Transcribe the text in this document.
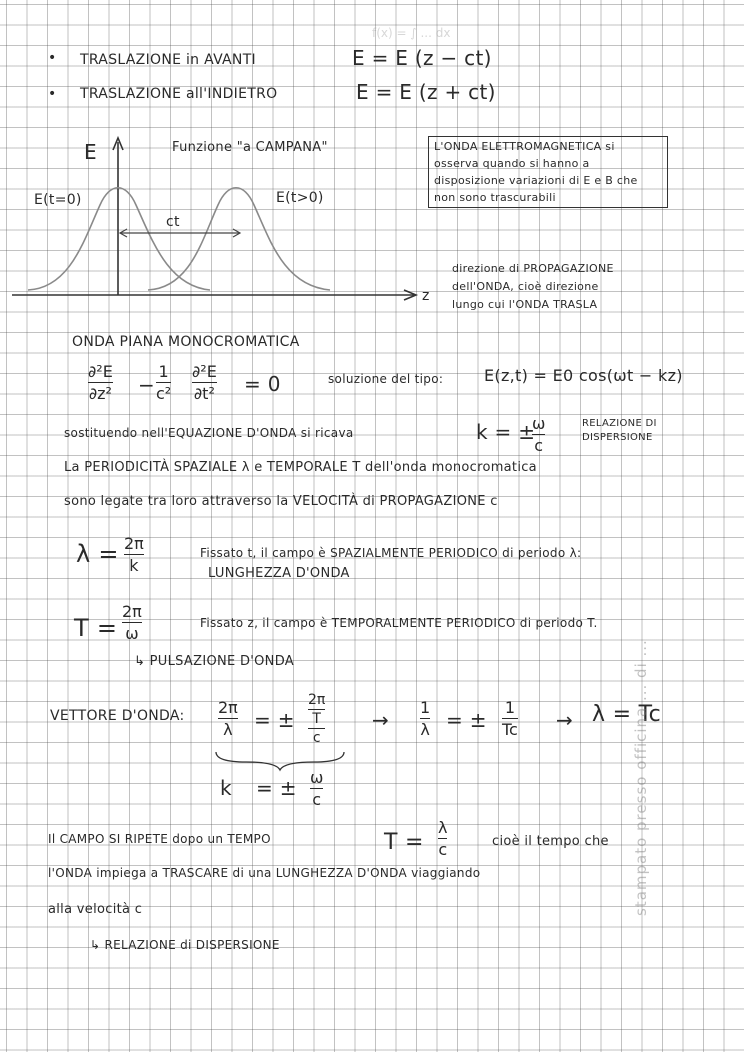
f(x) = ∫ ... dx
• TRASLAZIONE in AVANTI	E = E (z − ct)
• TRASLAZIONE all'INDIETRO	E = E (z + ct)
E
z
Funzione "a CAMPANA"
E(t=0)	E(t>0)
ct
L'ONDA ELETTROMAGNETICA si osserva quando si hanno a disposizione variazioni di E e B che non sono trascurabili
direzione di PROPAGAZIONE
dell'ONDA, cioè direzione
lungo cui l'ONDA TRASLA
ONDA PIANA MONOCROMATICA
∂²E
∂z² −
1
c²
∂²E
∂t² = 0	soluzione del tipo:	E(z,t) = E0 cos(ωt − kz)
sostituendo nell'EQUAZIONE D'ONDA si ricava	k = ±
ω
c
RELAZIONE DI
DISPERSIONE
La PERIODICITÀ SPAZIALE λ e TEMPORALE T dell'onda monocromatica
sono legate tra loro attraverso la VELOCITÀ di PROPAGAZIONE c
λ = 2π
k
Fissato t, il campo è SPAZIALMENTE PERIODICO di periodo λ:
LUNGHEZZA D'ONDA
T =
2π
ω
Fissato z, il campo è TEMPORALMENTE PERIODICO di periodo T.
↳ PULSAZIONE D'ONDA
VETTORE D'ONDA: 2π
λ = ±
2π
T
c
→
1
λ = ±
1
Tc → λ = Tc
k = ± ω
c
Il CAMPO SI RIPETE dopo un TEMPO	T =
λ
c	cioè il tempo che
l'ONDA impiega a TRASCARE di una LUNGHEZZA D'ONDA viaggiando
alla velocità c
↳ RELAZIONE di DISPERSIONE
stampato presso officina ... di ...
